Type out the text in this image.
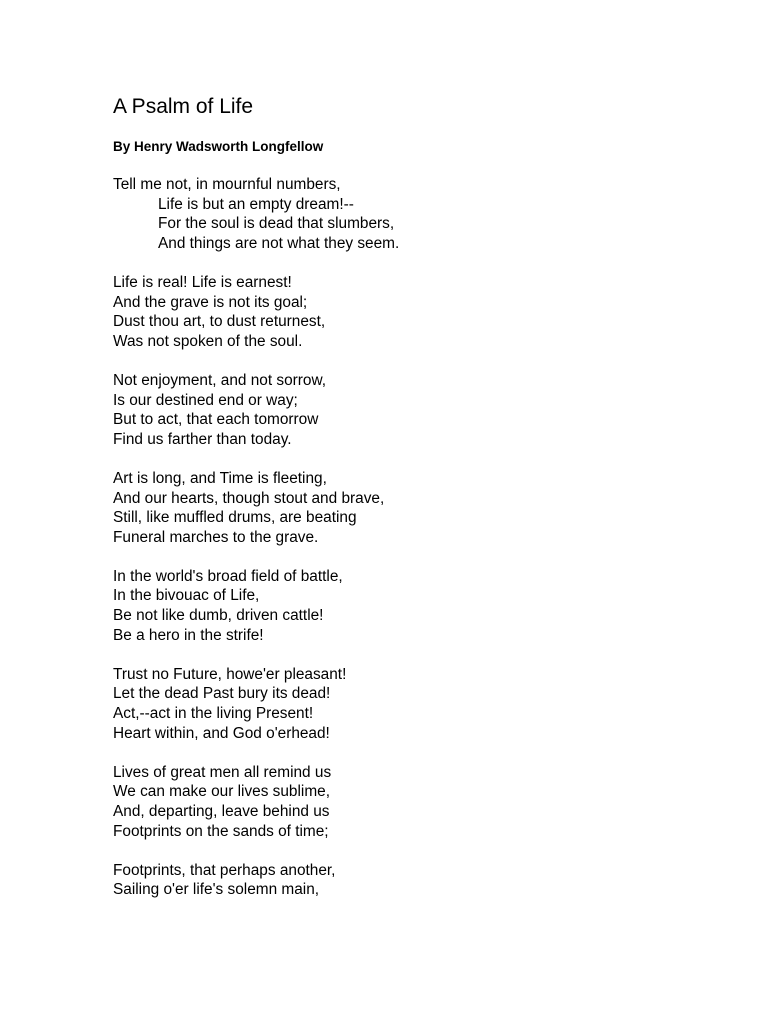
A Psalm of Life
By Henry Wadsworth Longfellow
Tell me not, in mournful numbers,
Life is but an empty dream!--
For the soul is dead that slumbers,
And things are not what they seem.
Life is real! Life is earnest!
And the grave is not its goal;
Dust thou art, to dust returnest,
Was not spoken of the soul.
Not enjoyment, and not sorrow,
Is our destined end or way;
But to act, that each tomorrow
Find us farther than today.
Art is long, and Time is fleeting,
And our hearts, though stout and brave,
Still, like muffled drums, are beating
Funeral marches to the grave.
In the world's broad field of battle,
In the bivouac of Life,
Be not like dumb, driven cattle!
Be a hero in the strife!
Trust no Future, howe'er pleasant!
Let the dead Past bury its dead!
Act,--act in the living Present!
Heart within, and God o'erhead!
Lives of great men all remind us
We can make our lives sublime,
And, departing, leave behind us
Footprints on the sands of time;
Footprints, that perhaps another,
Sailing o'er life's solemn main,
